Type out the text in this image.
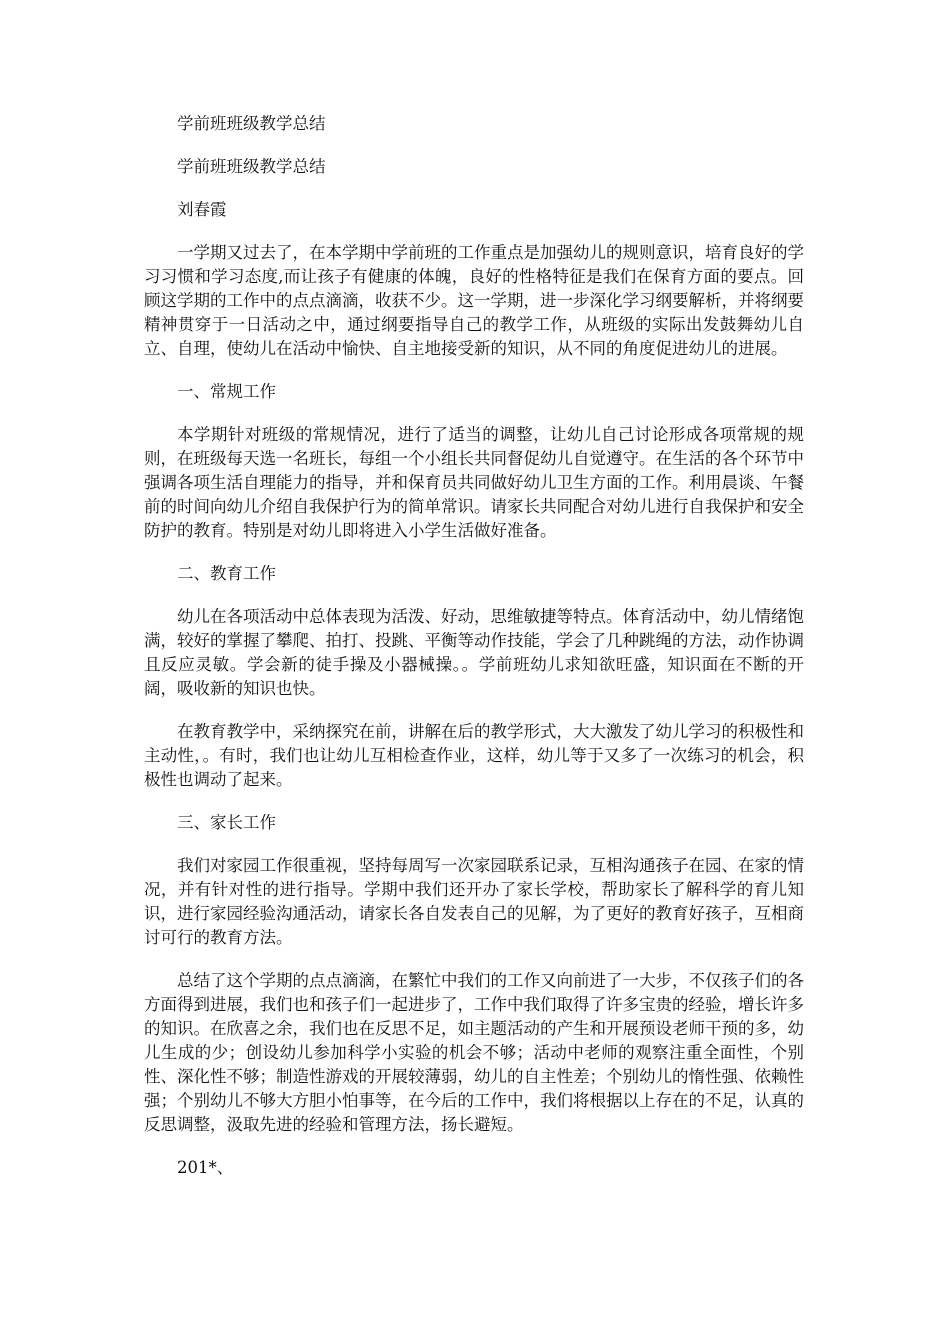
学前班班级教学总结

学前班班级教学总结

刘春霞

一学期又过去了，在本学期中学前班的工作重点是加强幼儿的规则意识，培育良好的学习习惯和学习态度,而让孩子有健康的体魄，良好的性格特征是我们在保育方面的要点。回顾这学期的工作中的点点滴滴，收获不少。这一学期，进一步深化学习纲要解析，并将纲要精神贯穿于一日活动之中，通过纲要指导自己的教学工作，从班级的实际出发鼓舞幼儿自立、自理，使幼儿在活动中愉快、自主地接受新的知识，从不同的角度促进幼儿的进展。

一、常规工作

本学期针对班级的常规情况，进行了适当的调整，让幼儿自己讨论形成各项常规的规则，在班级每天选一名班长，每组一个小组长共同督促幼儿自觉遵守。在生活的各个环节中强调各项生活自理能力的指导，并和保育员共同做好幼儿卫生方面的工作。利用晨谈、午餐前的时间向幼儿介绍自我保护行为的简单常识。请家长共同配合对幼儿进行自我保护和安全防护的教育。特别是对幼儿即将进入小学生活做好准备。

二、教育工作

幼儿在各项活动中总体表现为活泼、好动，思维敏捷等特点。体育活动中，幼儿情绪饱满，较好的掌握了攀爬、拍打、投跳、平衡等动作技能，学会了几种跳绳的方法，动作协调且反应灵敏。学会新的徒手操及小器械操。。学前班幼儿求知欲旺盛，知识面在不断的开阔，吸收新的知识也快。

在教育教学中，采纳探究在前，讲解在后的教学形式，大大激发了幼儿学习的积极性和主动性，。有时，我们也让幼儿互相检查作业，这样，幼儿等于又多了一次练习的机会，积极性也调动了起来。

三、家长工作

我们对家园工作很重视，坚持每周写一次家园联系记录，互相沟通孩子在园、在家的情况，并有针对性的进行指导。学期中我们还开办了家长学校，帮助家长了解科学的育儿知识，进行家园经验沟通活动，请家长各自发表自己的见解，为了更好的教育好孩子，互相商讨可行的教育方法。

总结了这个学期的点点滴滴，在繁忙中我们的工作又向前进了一大步，不仅孩子们的各方面得到进展，我们也和孩子们一起进步了，工作中我们取得了许多宝贵的经验，增长许多的知识。在欣喜之余，我们也在反思不足，如主题活动的产生和开展预设老师干预的多，幼儿生成的少；创设幼儿参加科学小实验的机会不够；活动中老师的观察注重全面性，个别性、深化性不够；制造性游戏的开展较薄弱，幼儿的自主性差；个别幼儿的惰性强、依赖性强；个别幼儿不够大方胆小怕事等，在今后的工作中，我们将根据以上存在的不足，认真的反思调整，汲取先进的经验和管理方法，扬长避短。

201*、
